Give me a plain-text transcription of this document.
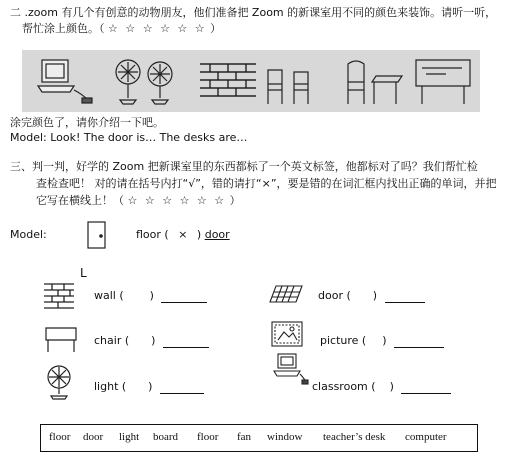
二 .zoom 有几个有创意的动物朋友，他们准备把 Zoom 的新课室用不同的颜色来装饰。请听一听，
帮忙涂上颜色。（ ☆ ☆ ☆ ☆ ☆ ☆ ）
涂完颜色了，请你介绍一下吧。
Model: Look! The door is… The desks are…
三、判一判，好学的 Zoom 把新课室里的东西都标了一个英文标签，他都标对了吗？我们帮忙检
查检查吧！ 对的请在括号内打“√”，错的请打“×”，要是错的在词汇框内找出正确的单词，并把
它写在横线上！（ ☆ ☆ ☆ ☆ ☆ ☆ ）
Model:	floor ( × ) door
L
wall ( )	door ( )
chair ( )	picture ( )
light ( )	classroom ( )
floor door light board floor fan window teacher’s desk computer
